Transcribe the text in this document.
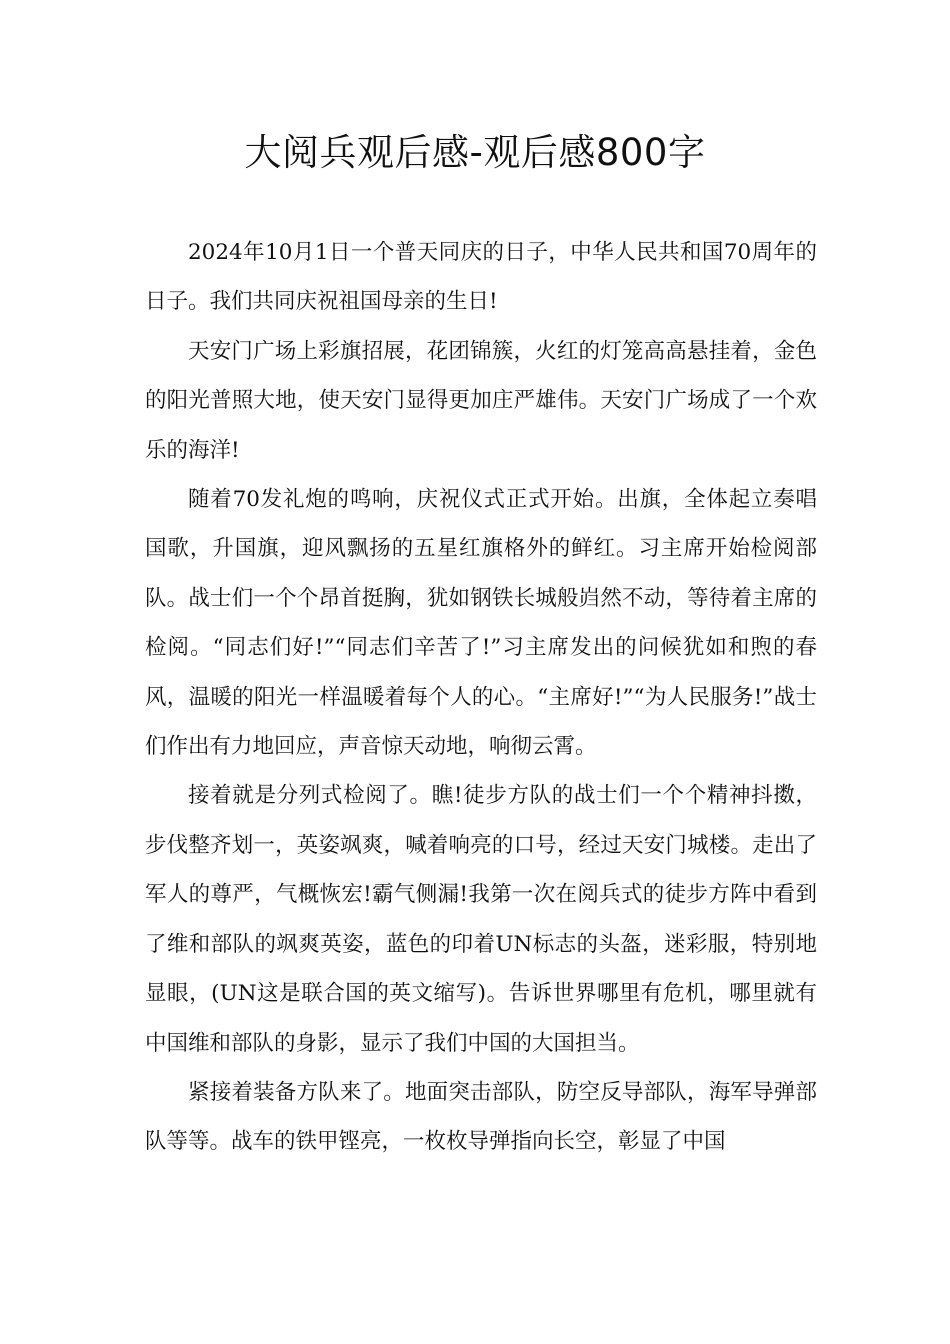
大阅兵观后感-观后感800字

2024年10月1日一个普天同庆的日子，中华人民共和国70周年的日子。我们共同庆祝祖国母亲的生日!

天安门广场上彩旗招展，花团锦簇，火红的灯笼高高悬挂着，金色的阳光普照大地，使天安门显得更加庄严雄伟。天安门广场成了一个欢乐的海洋!

随着70发礼炮的鸣响，庆祝仪式正式开始。出旗，全体起立奏唱国歌，升国旗，迎风飘扬的五星红旗格外的鲜红。习主席开始检阅部队。战士们一个个昂首挺胸，犹如钢铁长城般岿然不动，等待着主席的检阅。“同志们好!”“同志们辛苦了!”习主席发出的问候犹如和煦的春风，温暖的阳光一样温暖着每个人的心。“主席好!”“为人民服务!”战士们作出有力地回应，声音惊天动地，响彻云霄。

接着就是分列式检阅了。瞧!徒步方队的战士们一个个精神抖擞，步伐整齐划一，英姿飒爽，喊着响亮的口号，经过天安门城楼。走出了军人的尊严，气概恢宏!霸气侧漏!我第一次在阅兵式的徒步方阵中看到了维和部队的飒爽英姿，蓝色的印着UN标志的头盔，迷彩服，特别地显眼，(UN这是联合国的英文缩写)。告诉世界哪里有危机，哪里就有中国维和部队的身影，显示了我们中国的大国担当。

紧接着装备方队来了。地面突击部队，防空反导部队，海军导弹部队等等。战车的铁甲铿亮，一枚枚导弹指向长空，彰显了中国
